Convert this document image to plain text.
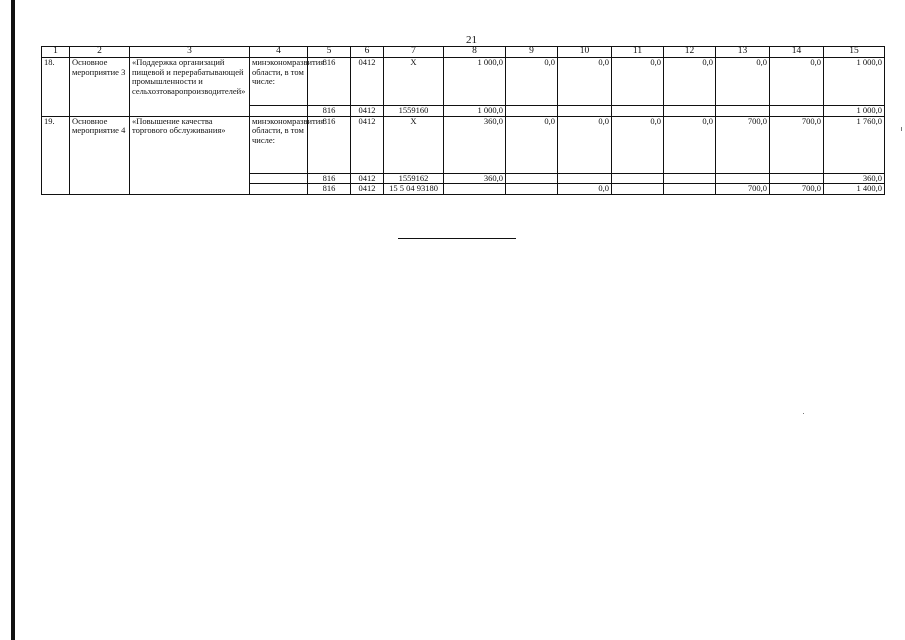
21
1	2	3	4	5	6	7	8	9	10	11	12	13	14	15
18.	Основное мероприятие 3	«Поддержка организаций пищевой и перерабатывающей промышленности и сельхозтоваропроизводителей»	минэкономразвития области, в том числе:	816	0412	Х	1 000,0	0,0	0,0	0,0	0,0	0,0	0,0	1 000,0
				816	0412	1559160	1 000,0							1 000,0
19.	Основное мероприятие 4	«Повышение качества торгового обслуживания»	минэкономразвития области, в том числе:	816	0412	Х	360,0	0,0	0,0	0,0	0,0	700,0	700,0	1 760,0
				816	0412	1559162	360,0							360,0
				816	0412	15 5 04 93180			0,0			700,0	700,0	1 400,0
